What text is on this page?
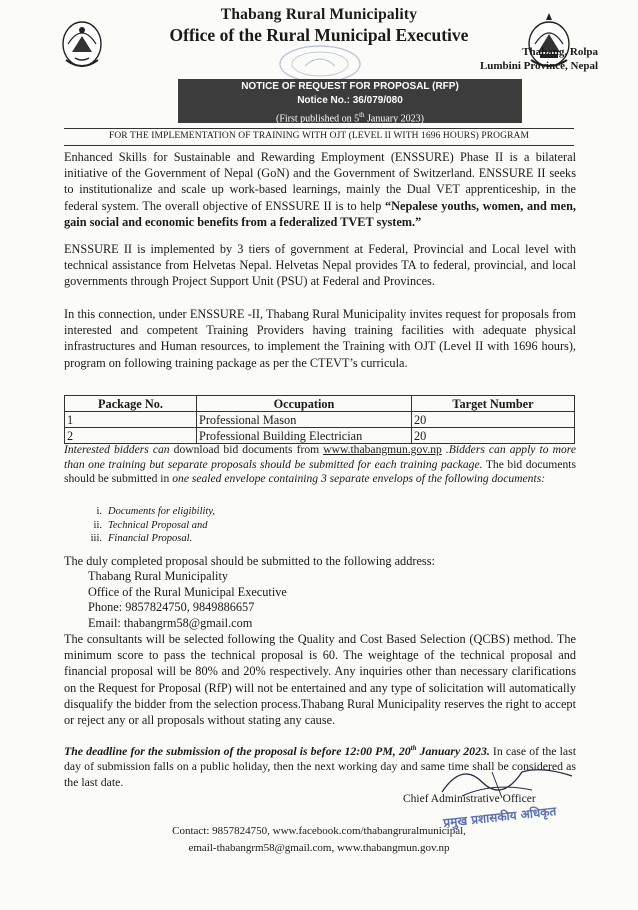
Thabang Rural Municipality
Office of the Rural Municipal Executive
Thabang, Rolpa
Lumbini Province, Nepal
NOTICE OF REQUEST FOR PROPOSAL (RFP)
Notice No.: 36/079/080
(First published on 5th January 2023)
FOR THE IMPLEMENTATION OF TRAINING WITH OJT (LEVEL II WITH 1696 HOURS) PROGRAM
Enhanced Skills for Sustainable and Rewarding Employment (ENSSURE) Phase II is a bilateral initiative of the Government of Nepal (GoN) and the Government of Switzerland. ENSSURE II seeks to institutionalize and scale up work-based learnings, mainly the Dual VET apprenticeship, in the federal system. The overall objective of ENSSURE II is to help “Nepalese youths, women, and men, gain social and economic benefits from a federalized TVET system.”
ENSSURE II is implemented by 3 tiers of government at Federal, Provincial and Local level with technical assistance from Helvetas Nepal. Helvetas Nepal provides TA to federal, provincial, and local governments through Project Support Unit (PSU) at Federal and Provinces.
In this connection, under ENSSURE -II, Thabang Rural Municipality invites request for proposals from interested and competent Training Providers having training facilities with adequate physical infrastructures and Human resources, to implement the Training with OJT (Level II with 1696 hours), program on following training package as per the CTEVT’s curricula.
Package No.	Occupation	Target Number
1	Professional Mason	20
2	Professional Building Electrician	20
Interested bidders can download bid documents from www.thabangmun.gov.np .Bidders can apply to more than one training but separate proposals should be submitted for each training package. The bid documents should be submitted in one sealed envelope containing 3 separate envelops of the following documents:
i. Documents for eligibility,
ii. Technical Proposal and
iii. Financial Proposal.
The duly completed proposal should be submitted to the following address:
Thabang Rural Municipality
Office of the Rural Municipal Executive
Phone: 9857824750, 9849886657
Email: thabangrm58@gmail.com
The consultants will be selected following the Quality and Cost Based Selection (QCBS) method. The minimum score to pass the technical proposal is 60. The weightage of the technical proposal and financial proposal will be 80% and 20% respectively. Any inquiries other than necessary clarifications on the Request for Proposal (RfP) will not be entertained and any type of solicitation will automatically disqualify the bidder from the selection process.Thabang Rural Municipality reserves the right to accept or reject any or all proposals without stating any cause.
The deadline for the submission of the proposal is before 12:00 PM, 20th January 2023. In case of the last day of submission falls on a public holiday, then the next working day and same time shall be considered as the last date.
Chief Administrative Officer
प्रमुख प्रशासकीय अधिकृत
Contact: 9857824750, www.facebook.com/thabangruralmunicipal,
email-thabangrm58@gmail.com, www.thabangmun.gov.np
